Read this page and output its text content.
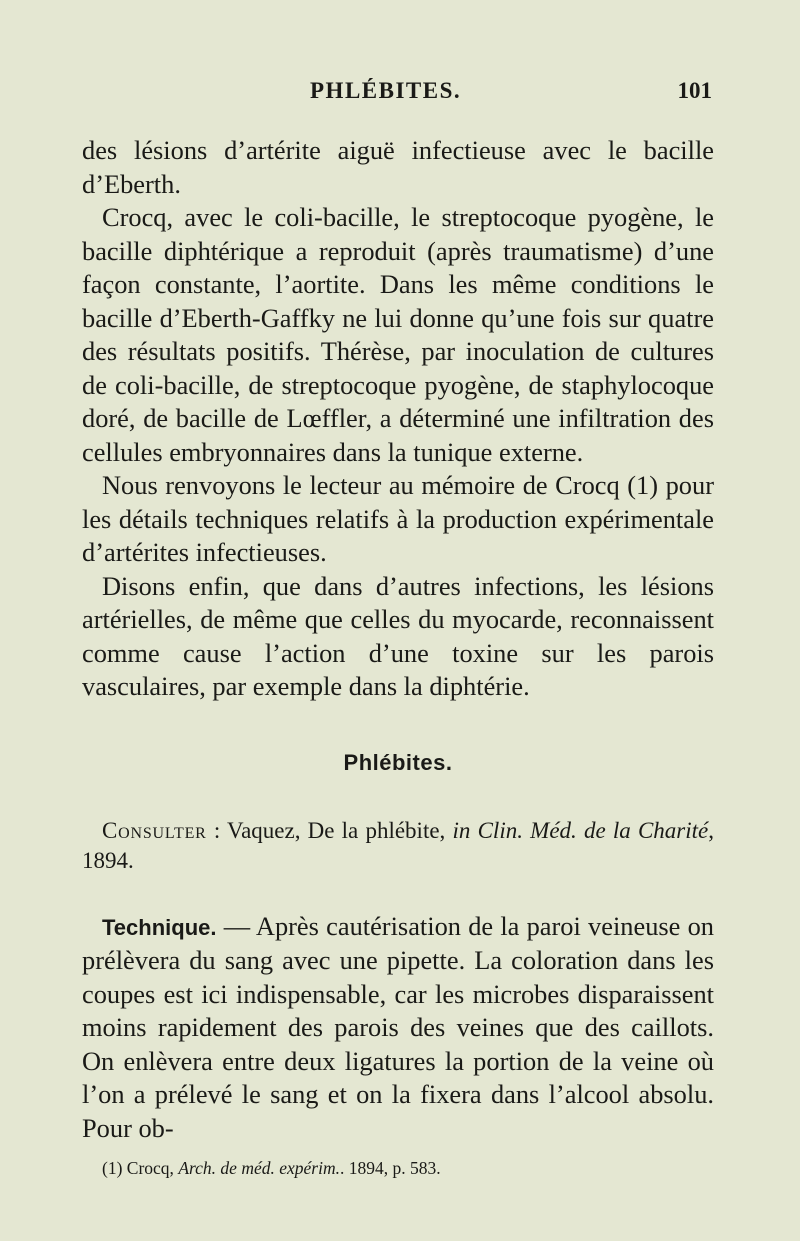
PHLÉBITES.	101

des lésions d’artérite aiguë infectieuse avec le bacille d’Eberth.

Crocq, avec le coli-bacille, le streptocoque pyogène, le bacille diphtérique a reproduit (après traumatisme) d’une façon constante, l’aortite. Dans les même conditions le bacille d’Eberth-Gaffky ne lui donne qu’une fois sur quatre des résultats positifs. Thérèse, par inoculation de cultures de coli-bacille, de streptocoque pyogène, de staphylocoque doré, de bacille de Lœffler, a déterminé une infiltration des cellules embryonnaires dans la tunique externe.

Nous renvoyons le lecteur au mémoire de Crocq (1) pour les détails techniques relatifs à la production expérimentale d’artérites infectieuses.

Disons enfin, que dans d’autres infections, les lésions artérielles, de même que celles du myocarde, reconnaissent comme cause l’action d’une toxine sur les parois vasculaires, par exemple dans la diphtérie.

Phlébites.

Consulter : Vaquez, De la phlébite, in Clin. Méd. de la Charité, 1894.

Technique. — Après cautérisation de la paroi veineuse on prélèvera du sang avec une pipette. La coloration dans les coupes est ici indispensable, car les microbes disparaissent moins rapidement des parois des veines que des caillots. On enlèvera entre deux ligatures la portion de la veine où l’on a prélevé le sang et on la fixera dans l’alcool absolu. Pour ob-

(1) Crocq, Arch. de méd. expérim.. 1894, p. 583.
